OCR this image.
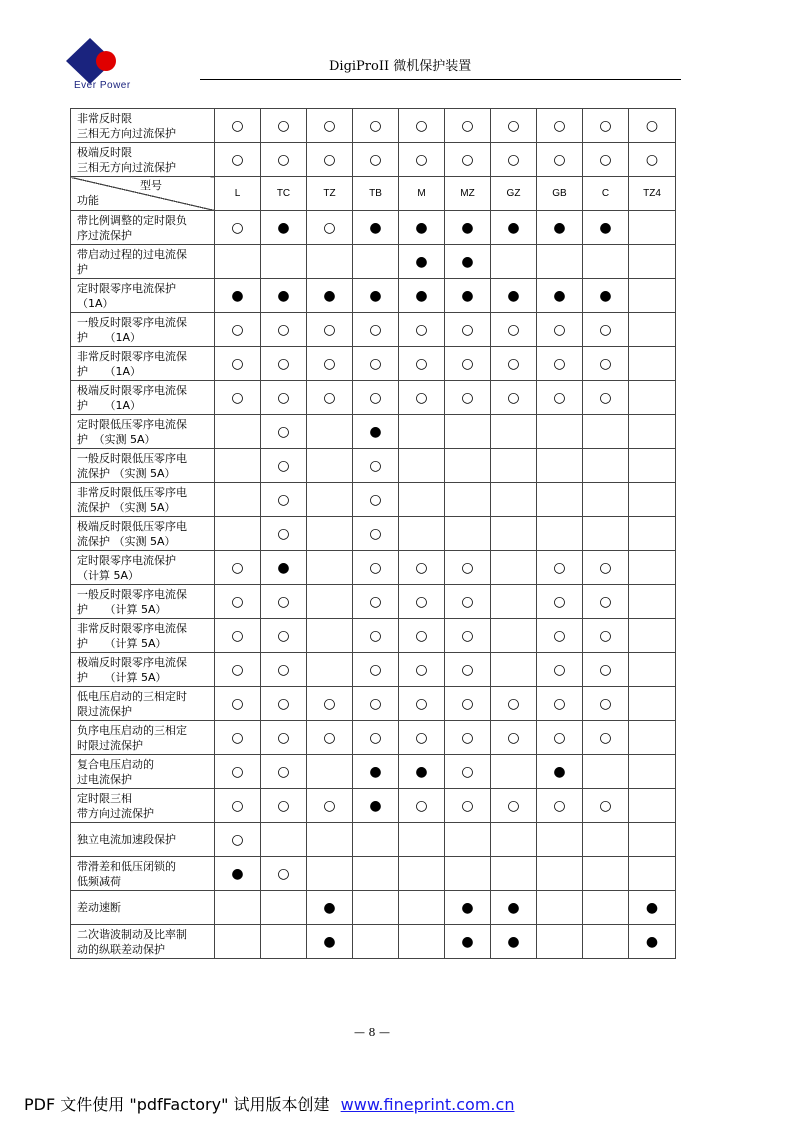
Ever Power
DigiProII 微机保护装置
非常反时限
三相无方向过流保护	○	○	○	○	○	○	○	○	○	○

极端反时限
三相无方向过流保护	○	○	○	○	○	○	○	○	○	○

型号
功能	L	TC	TZ	TB	M	MZ	GZ	GB	C	TZ4

带比例调整的定时限负
序过流保护	○	●	○	●	●	●	●	●	●	

带启动过程的过电流保
护					●	●				

定时限零序电流保护
（1A）	●	●	●	●	●	●	●	●	●	

一般反时限零序电流保
护　　（1A）	○	○	○	○	○	○	○	○	○	

非常反时限零序电流保
护　　（1A）	○	○	○	○	○	○	○	○	○	

极端反时限零序电流保
护　　（1A）	○	○	○	○	○	○	○	○	○	

定时限低压零序电流保
护　（实测 5A）		○		●						

一般反时限低压零序电
流保护 （实测 5A）		○		○						

非常反时限低压零序电
流保护 （实测 5A）		○		○						

极端反时限低压零序电
流保护 （实测 5A）		○		○						

定时限零序电流保护
（计算 5A）	○	●		○	○	○		○	○	

一般反时限零序电流保
护　　（计算 5A）	○	○		○	○	○		○	○	

非常反时限零序电流保
护　　（计算 5A）	○	○		○	○	○		○	○	

极端反时限零序电流保
护　　（计算 5A）	○	○		○	○	○		○	○	

低电压启动的三相定时
限过流保护	○	○	○	○	○	○	○	○	○	

负序电压启动的三相定
时限过流保护	○	○	○	○	○	○	○	○	○	

复合电压启动的
过电流保护	○	○		●	●	○		●		

定时限三相
带方向过流保护	○	○	○	●	○	○	○	○	○	

独立电流加速段保护	○									

带滑差和低压闭锁的
低频减荷	●	○								

差动速断			●			●	●			●

二次谐波制动及比率制
动的纵联差动保护			●			●	●			●
— 8 —
PDF 文件使用 "pdfFactory" 试用版本创建 www.fineprint.com.cn
